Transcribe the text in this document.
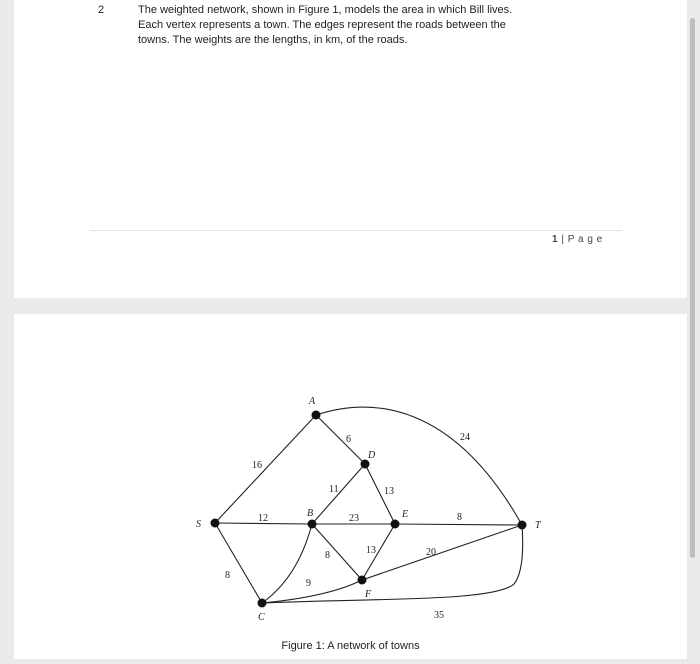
2	The weighted network, shown in Figure 1, models the area in which Bill lives.
Each vertex represents a town. The edges represent the roads between the
towns. The weights are the lengths, in km, of the roads.
1 | P a g e
A
D
S
B	E
T
F
C
16
12
8
6	24
11
23
8
9
13
13
8
20
35
Figure 1: A network of towns
